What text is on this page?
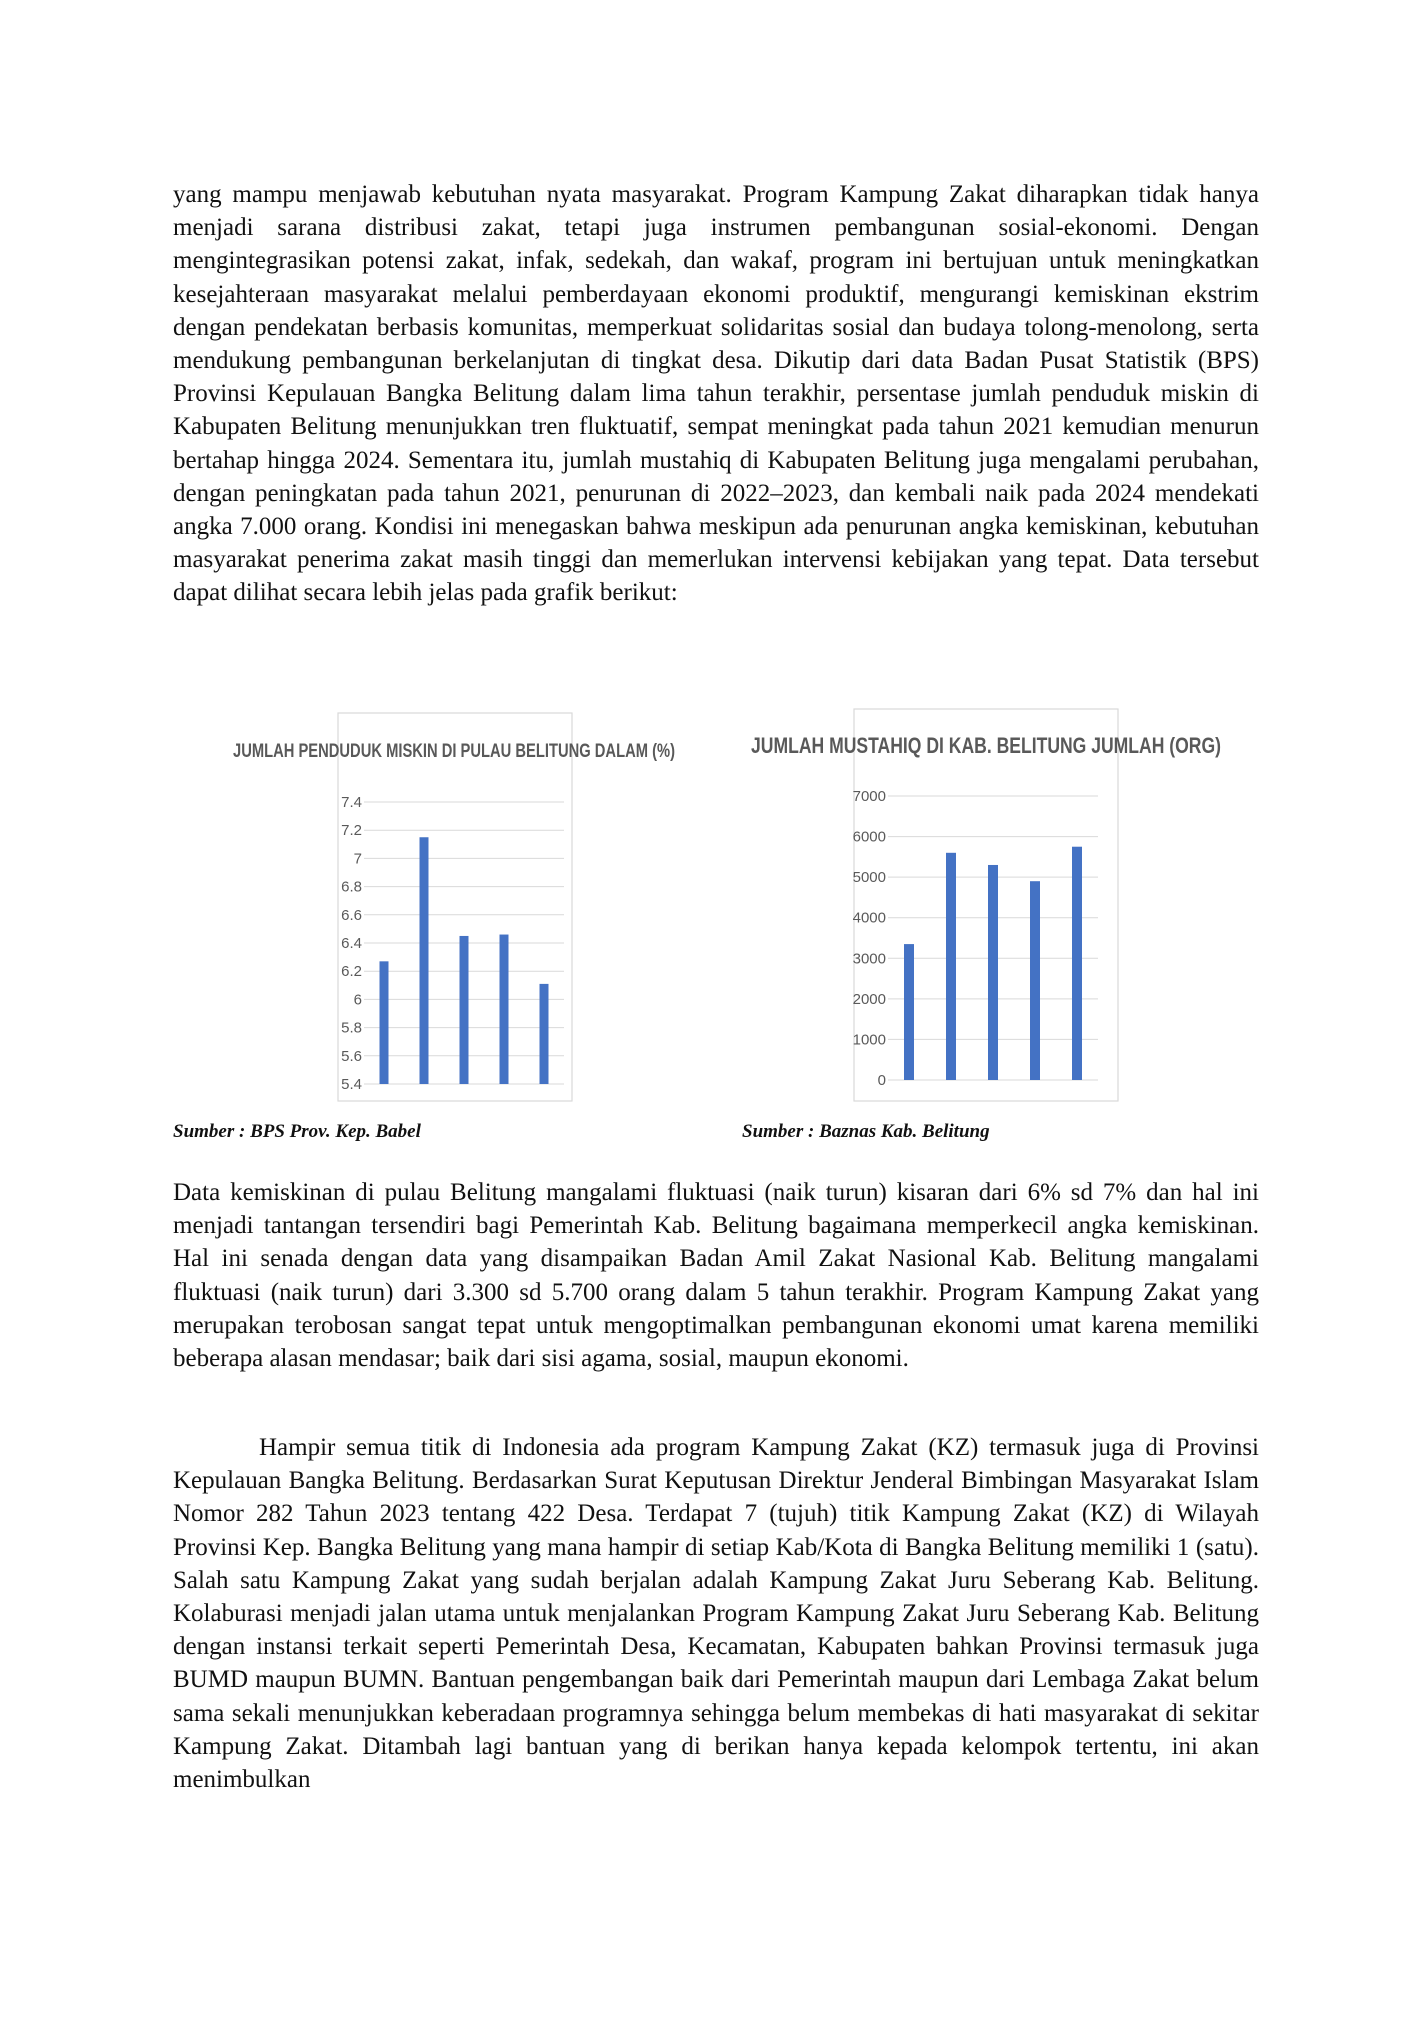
yang mampu menjawab kebutuhan nyata masyarakat. Program Kampung Zakat diharapkan tidak hanya menjadi sarana distribusi zakat, tetapi juga instrumen pembangunan sosial-ekonomi. Dengan mengintegrasikan potensi zakat, infak, sedekah, dan wakaf, program ini bertujuan untuk meningkatkan kesejahteraan masyarakat melalui pemberdayaan ekonomi produktif, mengurangi kemiskinan ekstrim dengan pendekatan berbasis komunitas, memperkuat solidaritas sosial dan budaya tolong-menolong, serta mendukung pembangunan berkelanjutan di tingkat desa. Dikutip dari data Badan Pusat Statistik (BPS) Provinsi Kepulauan Bangka Belitung dalam lima tahun terakhir, persentase jumlah penduduk miskin di Kabupaten Belitung menunjukkan tren fluktuatif, sempat meningkat pada tahun 2021 kemudian menurun bertahap hingga 2024. Sementara itu, jumlah mustahiq di Kabupaten Belitung juga mengalami perubahan, dengan peningkatan pada tahun 2021, penurunan di 2022–2023, dan kembali naik pada 2024 mendekati angka 7.000 orang. Kondisi ini menegaskan bahwa meskipun ada penurunan angka kemiskinan, kebutuhan masyarakat penerima zakat masih tinggi dan memerlukan intervensi kebijakan yang tepat. Data tersebut dapat dilihat secara lebih jelas pada grafik berikut:

JUMLAH PENDUDUK MISKIN DI PULAU BELITUNG DALAM (%)
7.4
7.2
7
6.8
6.6
6.4
6.2
6
5.8
5.6
5.4
JUMLAH MUSTAHIQ DI KAB. BELITUNG JUMLAH (ORG)
7000
6000
5000
4000
3000
2000
1000
0
Sumber : BPS Prov. Kep. Babel	Sumber : Baznas Kab. Belitung

Data kemiskinan di pulau Belitung mangalami fluktuasi (naik turun) kisaran dari 6% sd 7% dan hal ini menjadi tantangan tersendiri bagi Pemerintah Kab. Belitung bagaimana memperkecil angka kemiskinan. Hal ini senada dengan data yang disampaikan Badan Amil Zakat Nasional Kab. Belitung mangalami fluktuasi (naik turun) dari 3.300 sd 5.700 orang dalam 5 tahun terakhir. Program Kampung Zakat yang merupakan terobosan sangat tepat untuk mengoptimalkan pembangunan ekonomi umat karena memiliki beberapa alasan mendasar; baik dari sisi agama, sosial, maupun ekonomi.

Hampir semua titik di Indonesia ada program Kampung Zakat (KZ) termasuk juga di Provinsi Kepulauan Bangka Belitung. Berdasarkan Surat Keputusan Direktur Jenderal Bimbingan Masyarakat Islam Nomor 282 Tahun 2023 tentang 422 Desa. Terdapat 7 (tujuh) titik Kampung Zakat (KZ) di Wilayah Provinsi Kep. Bangka Belitung yang mana hampir di setiap Kab/Kota di Bangka Belitung memiliki 1 (satu). Salah satu Kampung Zakat yang sudah berjalan adalah Kampung Zakat Juru Seberang Kab. Belitung. Kolaburasi menjadi jalan utama untuk menjalankan Program Kampung Zakat Juru Seberang Kab. Belitung dengan instansi terkait seperti Pemerintah Desa, Kecamatan, Kabupaten bahkan Provinsi termasuk juga BUMD maupun BUMN. Bantuan pengembangan baik dari Pemerintah maupun dari Lembaga Zakat belum sama sekali menunjukkan keberadaan programnya sehingga belum membekas di hati masyarakat di sekitar Kampung Zakat. Ditambah lagi bantuan yang di berikan hanya kepada kelompok tertentu, ini akan menimbulkan
